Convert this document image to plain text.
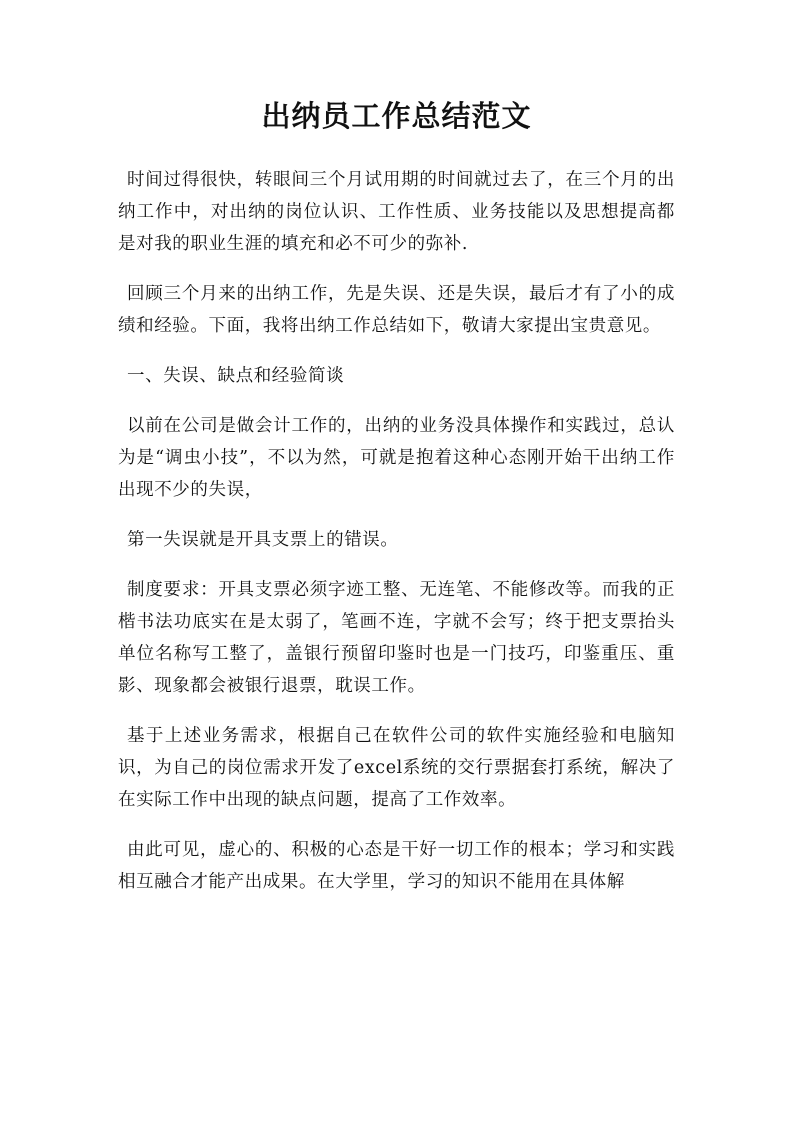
出纳员工作总结范文

时间过得很快，转眼间三个月试用期的时间就过去了，在三个月的出纳工作中，对出纳的岗位认识、工作性质、业务技能以及思想提高都是对我的职业生涯的填充和必不可少的弥补.

回顾三个月来的出纳工作，先是失误、还是失误，最后才有了小的成绩和经验。下面，我将出纳工作总结如下，敬请大家提出宝贵意见。

一、失误、缺点和经验简谈

以前在公司是做会计工作的，出纳的业务没具体操作和实践过，总认为是“调虫小技”，不以为然，可就是抱着这种心态刚开始干出纳工作出现不少的失误，

第一失误就是开具支票上的错误。

制度要求：开具支票必须字迹工整、无连笔、不能修改等。而我的正楷书法功底实在是太弱了，笔画不连，字就不会写；终于把支票抬头单位名称写工整了，盖银行预留印鉴时也是一门技巧，印鉴重压、重影、现象都会被银行退票，耽误工作。

基于上述业务需求，根据自己在软件公司的软件实施经验和电脑知识，为自己的岗位需求开发了excel系统的交行票据套打系统，解决了在实际工作中出现的缺点问题，提高了工作效率。

由此可见，虚心的、积极的心态是干好一切工作的根本；学习和实践相互融合才能产出成果。在大学里，学习的知识不能用在具体解
